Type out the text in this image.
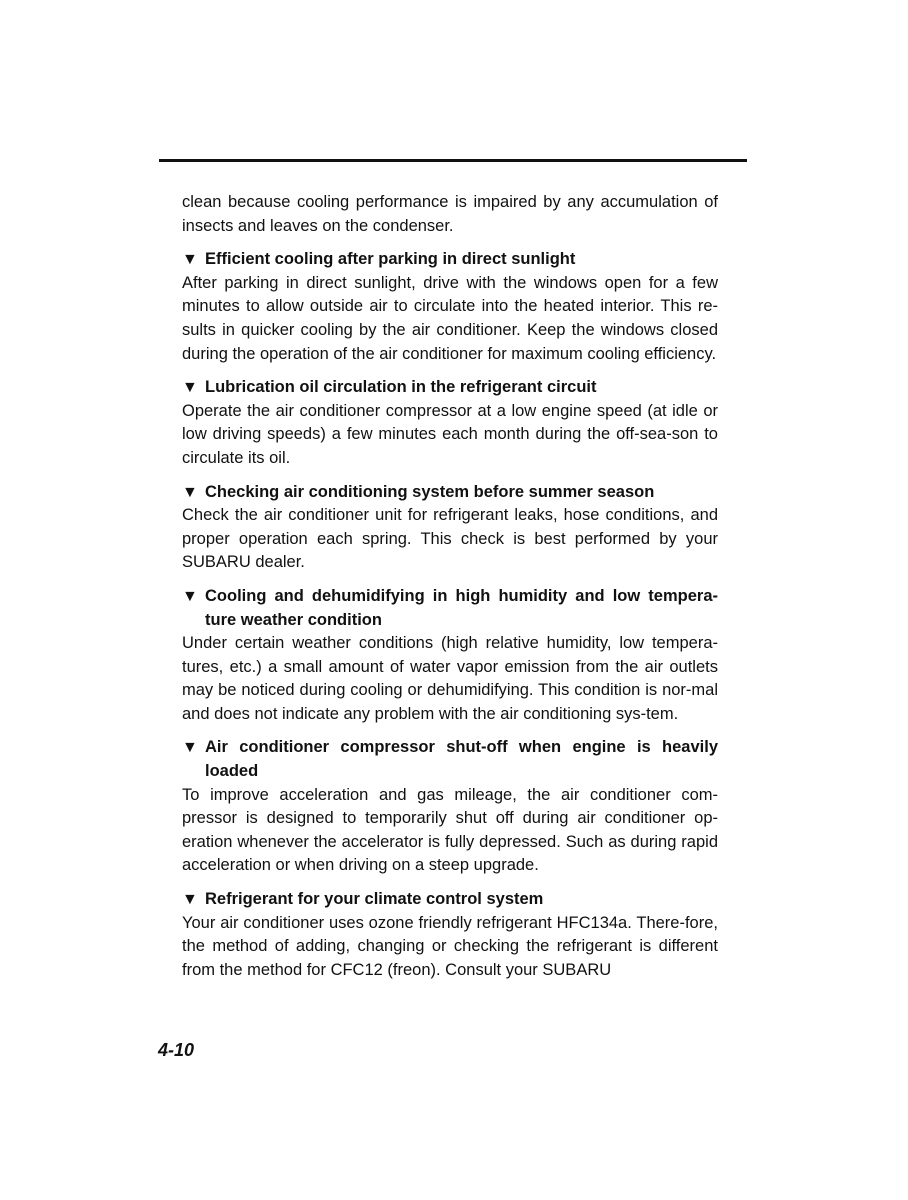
clean because cooling performance is impaired by any accumulation of insects and leaves on the condenser.

▼ Efficient cooling after parking in direct sunlight

After parking in direct sunlight, drive with the windows open for a few minutes to allow outside air to circulate into the heated interior. This re-sults in quicker cooling by the air conditioner. Keep the windows closed during the operation of the air conditioner for maximum cooling efficiency.

▼ Lubrication oil circulation in the refrigerant circuit

Operate the air conditioner compressor at a low engine speed (at idle or low driving speeds) a few minutes each month during the off-sea-son to circulate its oil.

▼ Checking air conditioning system before summer season

Check the air conditioner unit for refrigerant leaks, hose conditions, and proper operation each spring. This check is best performed by your SUBARU dealer.

▼ Cooling and dehumidifying in high humidity and low tempera-ture weather condition

Under certain weather conditions (high relative humidity, low tempera-tures, etc.) a small amount of water vapor emission from the air outlets may be noticed during cooling or dehumidifying. This condition is nor-mal and does not indicate any problem with the air conditioning sys-tem.

▼ Air conditioner compressor shut-off when engine is heavily loaded

To improve acceleration and gas mileage, the air conditioner com-pressor is designed to temporarily shut off during air conditioner op-eration whenever the accelerator is fully depressed. Such as during rapid acceleration or when driving on a steep upgrade.

▼ Refrigerant for your climate control system

Your air conditioner uses ozone friendly refrigerant HFC134a. There-fore, the method of adding, changing or checking the refrigerant is different from the method for CFC12 (freon). Consult your SUBARU

4-10
